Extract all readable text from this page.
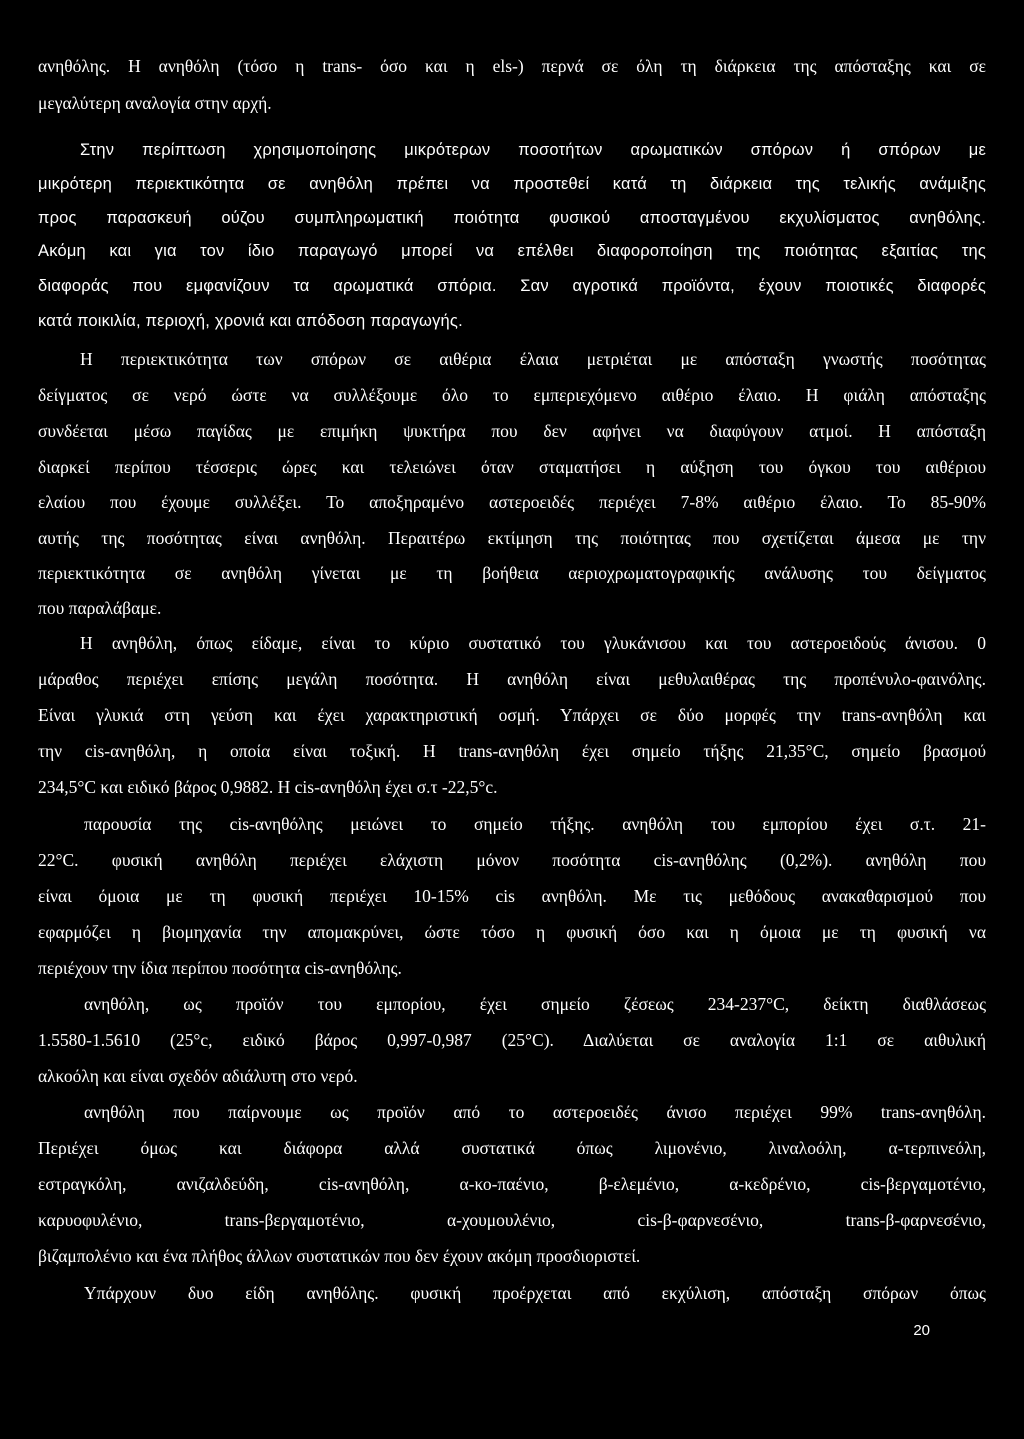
ανηθόλης. Η ανηθόλη (τόσο η trans- όσο και η els-) περνά σε όλη τη διάρκεια της απόσταξης και σε

μεγαλύτερη αναλογία στην αρχή.

Στην περίπτωση χρησιμοποίησης μικρότερων ποσοτήτων αρωματικών σπόρων ή σπόρων με

μικρότερη περιεκτικότητα σε ανηθόλη πρέπει να προστεθεί κατά τη διάρκεια της τελικής ανάμιξης

προς παρασκευή ούζου συμπληρωματική ποιότητα φυσικού αποσταγμένου εκχυλίσματος ανηθόλης.

Ακόμη και για τον ίδιο παραγωγό μπορεί να επέλθει διαφοροποίηση της ποιότητας εξαιτίας της

διαφοράς που εμφανίζουν τα αρωματικά σπόρια. Σαν αγροτικά προϊόντα, έχουν ποιοτικές διαφορές

κατά ποικιλία, περιοχή, χρονιά και απόδοση παραγωγής.

Η περιεκτικότητα των σπόρων σε αιθέρια έλαια μετριέται με απόσταξη γνωστής ποσότητας

δείγματος σε νερό ώστε να συλλέξουμε όλο το εμπεριεχόμενο αιθέριο έλαιο. Η φιάλη απόσταξης

συνδέεται μέσω παγίδας με επιμήκη ψυκτήρα που δεν αφήνει να διαφύγουν ατμοί. Η απόσταξη

διαρκεί περίπου τέσσερις ώρες και τελειώνει όταν σταματήσει η αύξηση του όγκου του αιθέριου

ελαίου που έχουμε συλλέξει. Το αποξηραμένο αστεροειδές περιέχει 7-8% αιθέριο έλαιο. Το 85-90%

αυτής της ποσότητας είναι ανηθόλη. Περαιτέρω εκτίμηση της ποιότητας που σχετίζεται άμεσα με την

περιεκτικότητα σε ανηθόλη γίνεται με τη βοήθεια αεριοχρωματογραφικής ανάλυσης του δείγματος

που παραλάβαμε.

Η ανηθόλη, όπως είδαμε, είναι το κύριο συστατικό του γλυκάνισου και του αστεροειδούς άνισου. 0

μάραθος περιέχει επίσης μεγάλη ποσότητα. Η ανηθόλη είναι μεθυλαιθέρας της προπένυλο-φαινόλης.

Είναι γλυκιά στη γεύση και έχει χαρακτηριστική οσμή. Υπάρχει σε δύο μορφές την trans-ανηθόλη και

την cis-ανηθόλη, η οποία είναι τοξική. Η trans-ανηθόλη έχει σημείο τήξης 21,35°C, σημείο βρασμού

234,5°C και ειδικό βάρος 0,9882. Η cis-ανηθόλη έχει σ.τ -22,5°c.

παρουσία της cis-ανηθόλης μειώνει το σημείο τήξης. ανηθόλη του εμπορίου έχει σ.τ. 21-

22°C. φυσική ανηθόλη περιέχει ελάχιστη μόνον ποσότητα cis-ανηθόλης (0,2%). ανηθόλη που

είναι όμοια με τη φυσική περιέχει 10-15% cis ανηθόλη. Με τις μεθόδους ανακαθαρισμού που

εφαρμόζει η βιομηχανία την απομακρύνει, ώστε τόσο η φυσική όσο και η όμοια με τη φυσική να

περιέχουν την ίδια περίπου ποσότητα cis-ανηθόλης.

ανηθόλη, ως προϊόν του εμπορίου, έχει σημείο ζέσεως 234-237°C, δείκτη διαθλάσεως

1.5580-1.5610 (25°c, ειδικό βάρος 0,997-0,987 (25°C). Διαλύεται σε αναλογία 1:1 σε αιθυλική

αλκοόλη και είναι σχεδόν αδιάλυτη στο νερό.

ανηθόλη που παίρνουμε ως προϊόν από το αστεροειδές άνισο περιέχει 99% trans-ανηθόλη.

Περιέχει όμως και διάφορα αλλά συστατικά όπως λιμονένιο, λιναλοόλη, α-τερπινεόλη,

εστραγκόλη, ανιζαλδεύδη, cis-ανηθόλη, α-κο-παένιο, β-ελεμένιο, α-κεδρένιο, cis-βεργαμοτένιο,

καρυοφυλένιο, trans-βεργαμοτένιο, α-χουμουλένιο, cis-β-φαρνεσένιο, trans-β-φαρνεσένιο,

βιζαμπολένιο και ένα πλήθος άλλων συστατικών που δεν έχουν ακόμη προσδιοριστεί.

Υπάρχουν δυο είδη ανηθόλης. φυσική προέρχεται από εκχύλιση, απόσταξη σπόρων όπως

20
